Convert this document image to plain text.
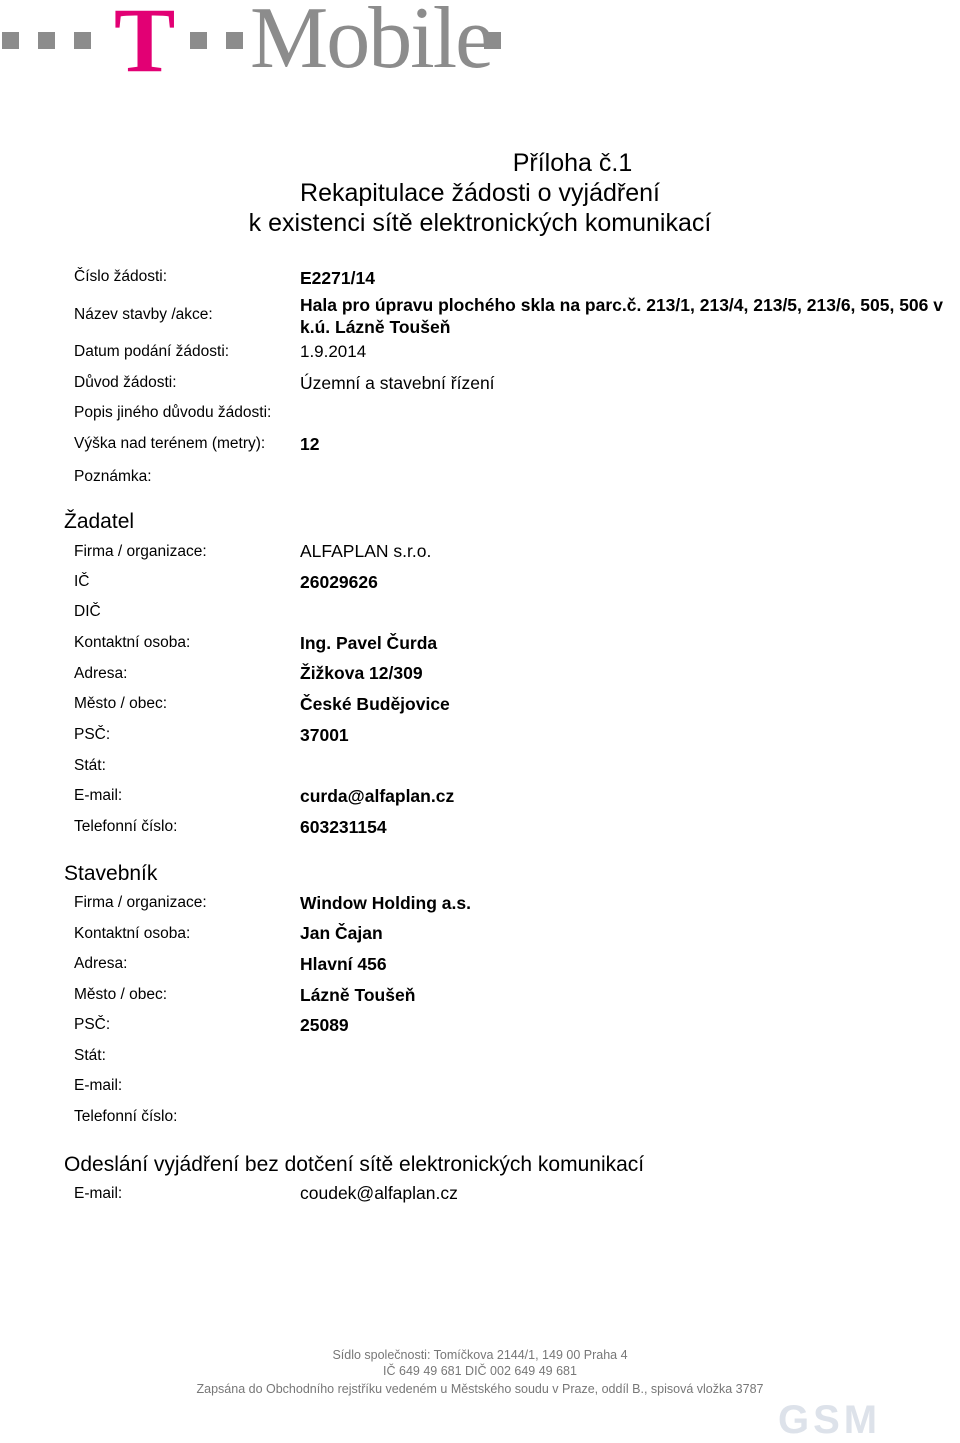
T Mobile
Příloha č.1
Rekapitulace žádosti o vyjádření
k existenci sítě elektronických komunikací
Číslo žádosti:	E2271/14
Název stavby /akce:	Hala pro úpravu plochého skla na parc.č. 213/1, 213/4, 213/5, 213/6, 505, 506 v
k.ú. Lázně Toušeň
Datum podání žádosti:	1.9.2014
Důvod žádosti:	Územní a stavební řízení
Popis jiného důvodu žádosti:
Výška nad terénem (metry): 12
Poznámka:
Žadatel
Firma / organizace:	ALFAPLAN s.r.o.
IČ	26029626
DIČ
Kontaktní osoba:	Ing. Pavel Čurda
Adresa:	Žižkova 12/309
Město / obec:	České Budějovice
PSČ:	37001
Stát:
E-mail:	curda@alfaplan.cz
Telefonní číslo:	603231154
Stavebník
Firma / organizace:	Window Holding a.s.
Kontaktní osoba:	Jan Čajan
Adresa:	Hlavní 456
Město / obec:	Lázně Toušeň
PSČ:	25089
Stát:
E-mail:
Telefonní číslo:
Odeslání vyjádření bez dotčení sítě elektronických komunikací
E-mail:	coudek@alfaplan.cz
Sídlo společnosti: Tomíčkova 2144/1, 149 00 Praha 4
IČ 649 49 681 DIČ 002 649 49 681
Zapsána do Obchodního rejstříku vedeném u Městského soudu v Praze, oddíl B., spisová vložka 3787
GSM
